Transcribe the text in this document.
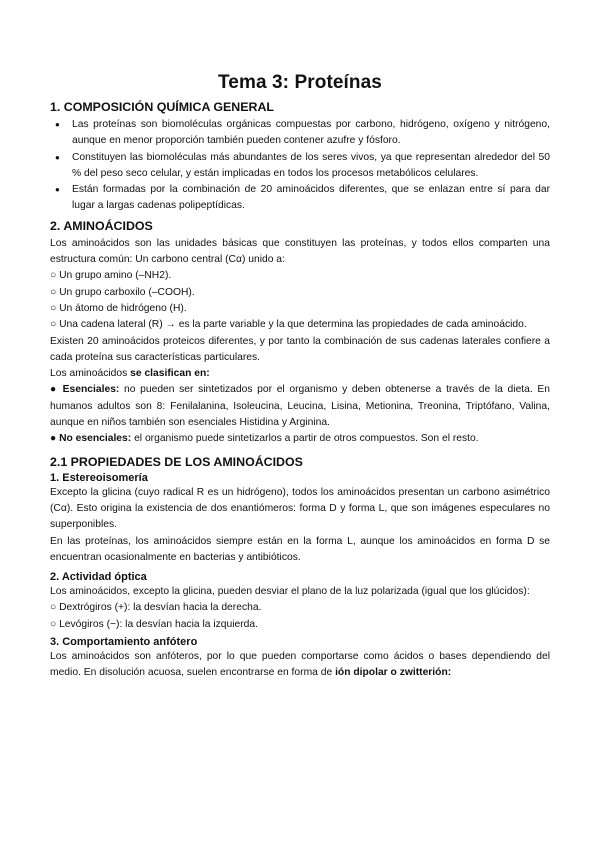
Tema 3: Proteínas
1. COMPOSICIÓN QUÍMICA GENERAL
● Las proteínas son biomoléculas orgánicas compuestas por carbono, hidrógeno, oxígeno y nitrógeno, aunque en menor proporción también pueden contener azufre y fósforo.
● Constituyen las biomoléculas más abundantes de los seres vivos, ya que representan alrededor del 50 % del peso seco celular, y están implicadas en todos los procesos metabólicos celulares.
● Están formadas por la combinación de 20 aminoácidos diferentes, que se enlazan entre sí para dar lugar a largas cadenas polipeptídicas.
2. AMINOÁCIDOS

Los aminoácidos son las unidades básicas que constituyen las proteínas, y todos ellos comparten una estructura común: Un carbono central (Cα) unido a:

○ Un grupo amino (–NH2).

○ Un grupo carboxilo (–COOH).

○ Un átomo de hidrógeno (H).

○ Una cadena lateral (R) → es la parte variable y la que determina las propiedades de cada aminoácido.

Existen 20 aminoácidos proteicos diferentes, y por tanto la combinación de sus cadenas laterales confiere a cada proteína sus características particulares.

Los aminoácidos se clasifican en:

● Esenciales: no pueden ser sintetizados por el organismo y deben obtenerse a través de la dieta. En humanos adultos son 8: Fenilalanina, Isoleucina, Leucina, Lisina, Metionina, Treonina, Triptófano, Valina, aunque en niños también son esenciales Histidina y Arginina.

● No esenciales: el organismo puede sintetizarlos a partir de otros compuestos. Son el resto.

2.1 PROPIEDADES DE LOS AMINOÁCIDOS
1. Estereoisomería

Excepto la glicina (cuyo radical R es un hidrógeno), todos los aminoácidos presentan un carbono asimétrico (Cα). Esto origina la existencia de dos enantiómeros: forma D y forma L, que son imágenes especulares no superponibles.

En las proteínas, los aminoácidos siempre están en la forma L, aunque los aminoácidos en forma D se encuentran ocasionalmente en bacterias y antibióticos.

2. Actividad óptica

Los aminoácidos, excepto la glicina, pueden desviar el plano de la luz polarizada (igual que los glúcidos):

○ Dextrógiros (+): la desvían hacia la derecha.

○ Levógiros (−): la desvían hacia la izquierda.

3. Comportamiento anfótero

Los aminoácidos son anfóteros, por lo que pueden comportarse como ácidos o bases dependiendo del medio. En disolución acuosa, suelen encontrarse en forma de ión dipolar o zwitterión:
